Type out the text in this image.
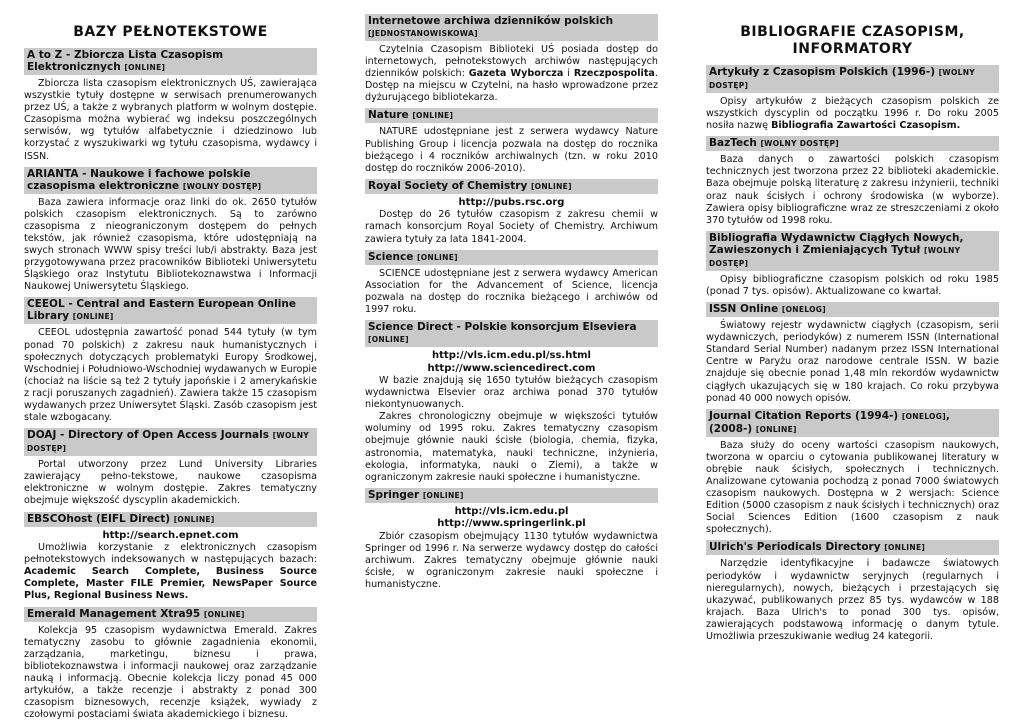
BAZY PEŁNOTEKSTOWE
A to Z - Zbiorcza Lista Czasopism Elektronicznych [ONLINE]

Zbiorcza lista czasopism elektronicznych UŚ, zawierająca wszystkie tytuły dostępne w serwisach prenumerowanych przez UŚ, a także z wybranych platform w wolnym dostępie. Czasopisma można wybierać wg indeksu poszczególnych serwisów, wg tytułów alfabetycznie i dziedzinowo lub korzystać z wyszukiwarki wg tytułu czasopisma, wydawcy i ISSN.

ARIANTA - Naukowe i fachowe polskie czasopisma elektroniczne [WOLNY DOSTĘP]

Baza zawiera informacje oraz linki do ok. 2650 tytułów polskich czasopism elektronicznych. Są to zarówno czasopisma z nieograniczonym dostępem do pełnych tekstów, jak również czasopisma, które udostępniają na swych stronach WWW spisy treści lub/i abstrakty. Baza jest przygotowywana przez pracowników Biblioteki Uniwersytetu Śląskiego oraz Instytutu Bibliotekoznawstwa i Informacji Naukowej Uniwersytetu Śląskiego.

CEEOL - Central and Eastern European Online Library [ONLINE]

CEEOL udostępnia zawartość ponad 544 tytuły (w tym ponad 70 polskich) z zakresu nauk humanistycznych i społecznych dotyczących problematyki Europy Środkowej, Wschodniej i Południowo-Wschodniej wydawanych w Europie (chociaż na liście są też 2 tytuły japońskie i 2 amerykańskie z racji poruszanych zagadnień). Zawiera także 15 czasopism wydawanych przez Uniwersytet Śląski. Zasób czasopism jest stale wzbogacany.

DOAJ - Directory of Open Access Journals [WOLNY DOSTĘP]

Portal utworzony przez Lund University Libraries zawierający pełno-tekstowe, naukowe czasopisma elektroniczne w wolnym dostępie. Zakres tematyczny obejmuje większość dyscyplin akademickich.

EBSCOhost (EIFL Direct) [ONLINE]

http://search.epnet.com

Umożliwia korzystanie z elektronicznych czasopism pełnotekstowych indeksowanych w następujących bazach: Academic Search Complete, Business Source Complete, Master FILE Premier, NewsPaper Source Plus, Regional Business News.

Emerald Management Xtra95 [ONLINE]

Kolekcja 95 czasopism wydawnictwa Emerald. Zakres tematyczny zasobu to głównie zagadnienia ekonomii, zarządzania, marketingu, biznesu i prawa, bibliotekoznawstwa i informacji naukowej oraz zarządzanie nauką i informacją. Obecnie kolekcja liczy ponad 45 000 artykułów, a także recenzje i abstrakty z ponad 300 czasopism biznesowych, recenzje książek, wywiady z czołowymi postaciami świata akademickiego i biznesu.

Internetowe archiwa dzienników polskich [JEDNOSTANOWISKOWA]

Czytelnia Czasopism Biblioteki UŚ posiada dostęp do internetowych, pełnotekstowych archiwów następujących dzienników polskich: Gazeta Wyborcza i Rzeczpospolita. Dostęp na miejscu w Czytelni, na hasło wprowadzone przez dyżurującego bibliotekarza.

Nature [ONLINE]

NATURE udostępniane jest z serwera wydawcy Nature Publishing Group i licencja pozwala na dostęp do rocznika bieżącego i 4 roczników archiwalnych (tzn. w roku 2010 dostęp do roczników 2006-2010).

Royal Society of Chemistry [ONLINE]

http://pubs.rsc.org

Dostęp do 26 tytułów czasopism z zakresu chemii w ramach konsorcjum Royal Society of Chemistry. Archiwum zawiera tytuły za lata 1841-2004.

Science [ONLINE]

SCIENCE udostępniane jest z serwera wydawcy American Association for the Advancement of Science, licencja pozwala na dostęp do rocznika bieżącego i archiwów od 1997 roku.

Science Direct - Polskie konsorcjum Elseviera [ONLINE]

http://vls.icm.edu.pl/ss.html

http://www.sciencedirect.com

W bazie znajdują się 1650 tytułów bieżących czasopism wydawnictwa Elsevier oraz archiwa ponad 370 tytułów niekontynuowanych.

Zakres chronologiczny obejmuje w większości tytułów woluminy od 1995 roku. Zakres tematyczny czasopism obejmuje głównie nauki ścisłe (biologia, chemia, fizyka, astronomia, matematyka, nauki techniczne, inżynieria, ekologia, informatyka, nauki o Ziemi), a także w ograniczonym zakresie nauki społeczne i humanistyczne.

Springer [ONLINE]

http://vls.icm.edu.pl

http://www.springerlink.pl

Zbiór czasopism obejmujący 1130 tytułów wydawnictwa Springer od 1996 r. Na serwerze wydawcy dostęp do całości archiwum. Zakres tematyczny obejmuje głównie nauki ścisłe, w ograniczonym zakresie nauki społeczne i humanistyczne.

BIBLIOGRAFIE CZASOPISM, INFORMATORY
Artykuły z Czasopism Polskich (1996-) [WOLNY DOSTĘP]

Opisy artykułów z bieżących czasopism polskich ze wszystkich dyscyplin od początku 1996 r. Do roku 2005 nosiła nazwę Bibliografia Zawartości Czasopism.

BazTech [WOLNY DOSTĘP]

Baza danych o zawartości polskich czasopism technicznych jest tworzona przez 22 biblioteki akademickie. Baza obejmuje polską literaturę z zakresu inżynierii, techniki oraz nauk ścisłych i ochrony środowiska (w wyborze). Zawiera opisy bibliograficzne wraz ze streszczeniami z około 370 tytułów od 1998 roku.

Bibliografia Wydawnictw Ciągłych Nowych, Zawieszonych i Zmieniających Tytuł [WOLNY DOSTĘP]

Opisy bibliograficzne czasopism polskich od roku 1985 (ponad 7 tys. opisów). Aktualizowane co kwartał.

ISSN Online [ONELOG]

Światowy rejestr wydawnictw ciągłych (czasopism, serii wydawniczych, periodyków) z numerem ISSN (International Standard Serial Number) nadanym przez ISSN International Centre w Paryżu oraz narodowe centrale ISSN. W bazie znajduje się obecnie ponad 1,48 mln rekordów wydawnictw ciągłych ukazujących się w 180 krajach. Co roku przybywa ponad 40 000 nowych opisów.

Journal Citation Reports (1994-) [ONELOG], (2008-) [ONLINE]

Baza służy do oceny wartości czasopism naukowych, tworzona w oparciu o cytowania publikowanej literatury w obrębie nauk ścisłych, społecznych i technicznych. Analizowane cytowania pochodzą z ponad 7000 światowych czasopism naukowych. Dostępna w 2 wersjach: Science Edition (5000 czasopism z nauk ścisłych i technicznych) oraz Social Sciences Edition (1600 czasopism z nauk społecznych).

Ulrich's Periodicals Directory [ONLINE]

Narzędzie identyfikacyjne i badawcze światowych periodyków i wydawnictw seryjnych (regularnych i nieregularnych), nowych, bieżących i przestających się ukazywać, publikowanych przez 85 tys. wydawców w 188 krajach. Baza Ulrich's to ponad 300 tys. opisów, zawierających podstawową informację o danym tytule. Umożliwia przeszukiwanie według 24 kategorii.
